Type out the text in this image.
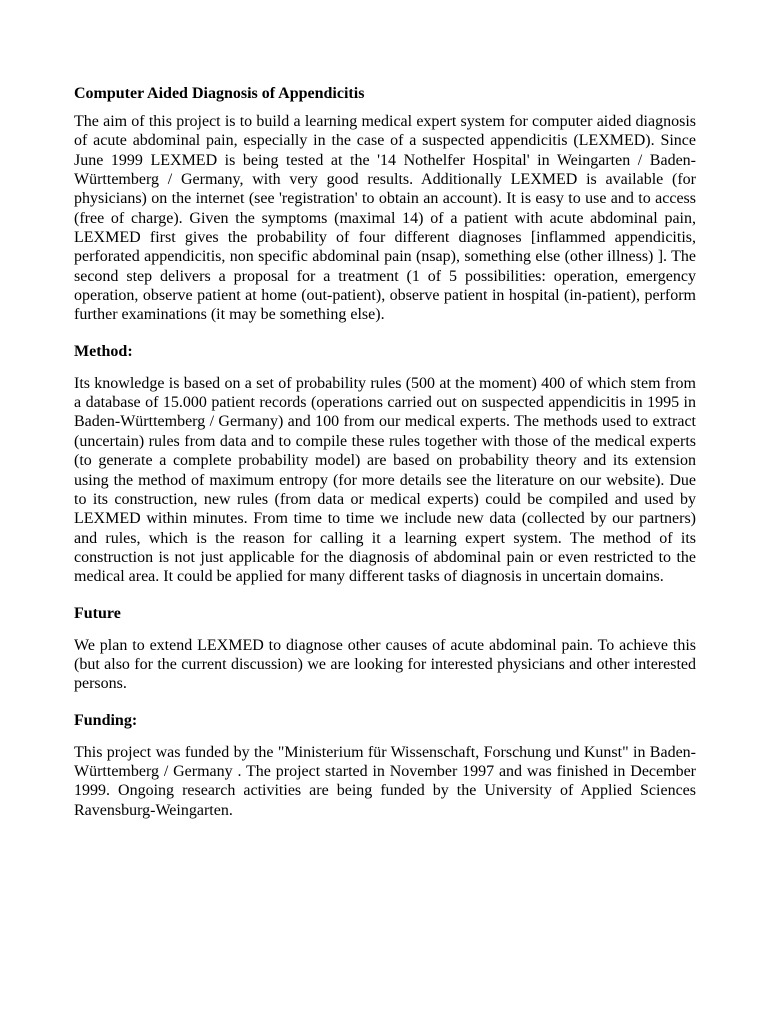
Computer Aided Diagnosis of Appendicitis

The aim of this project is to build a learning medical expert system for computer aided diagnosis of acute abdominal pain, especially in the case of a suspected appendicitis (LEXMED). Since June 1999 LEXMED is being tested at the '14 Nothelfer Hospital' in Weingarten / Baden-Württemberg / Germany, with very good results. Additionally LEXMED is available (for physicians) on the internet (see 'registration' to obtain an account). It is easy to use and to access (free of charge). Given the symptoms (maximal 14) of a patient with acute abdominal pain, LEXMED first gives the probability of four different diagnoses [inflammed appendicitis, perforated appendicitis, non specific abdominal pain (nsap), something else (other illness) ]. The second step delivers a proposal for a treatment (1 of 5 possibilities: operation, emergency operation, observe patient at home (out-patient), observe patient in hospital (in-patient), perform further examinations (it may be something else).

Method:

Its knowledge is based on a set of probability rules (500 at the moment) 400 of which stem from a database of 15.000 patient records (operations carried out on suspected appendicitis in 1995 in Baden-Württemberg / Germany) and 100 from our medical experts. The methods used to extract (uncertain) rules from data and to compile these rules together with those of the medical experts (to generate a complete probability model) are based on probability theory and its extension using the method of maximum entropy (for more details see the literature on our website). Due to its construction, new rules (from data or medical experts) could be compiled and used by LEXMED within minutes. From time to time we include new data (collected by our partners) and rules, which is the reason for calling it a learning expert system. The method of its construction is not just applicable for the diagnosis of abdominal pain or even restricted to the medical area. It could be applied for many different tasks of diagnosis in uncertain domains.

Future

We plan to extend LEXMED to diagnose other causes of acute abdominal pain. To achieve this (but also for the current discussion) we are looking for interested physicians and other interested persons.

Funding:

This project was funded by the "Ministerium für Wissenschaft, Forschung und Kunst" in Baden-Württemberg / Germany . The project started in November 1997 and was finished in December 1999. Ongoing research activities are being funded by the University of Applied Sciences Ravensburg-Weingarten.
